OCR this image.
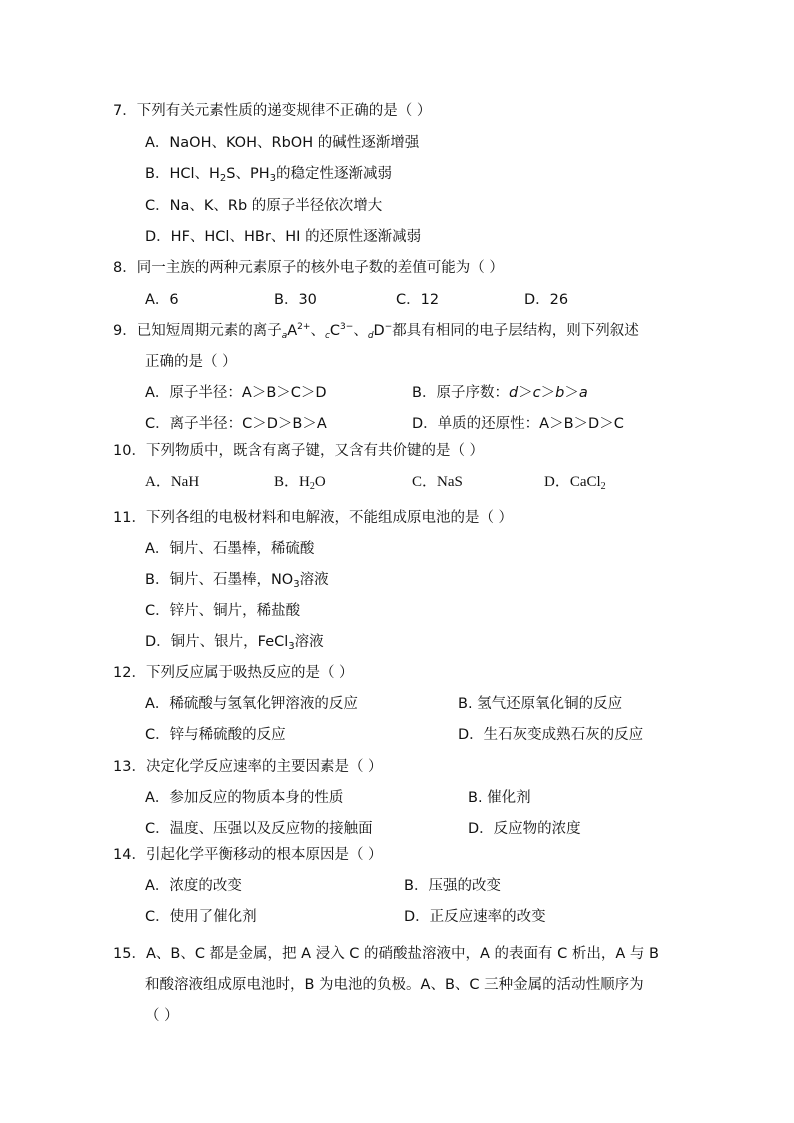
7．下列有关元素性质的递变规律不正确的是（ ）
A．NaOH、KOH、RbOH 的碱性逐渐增强
B．HCl、$H_2S$、$PH_3$的稳定性逐渐减弱
C．Na、K、Rb 的原子半径依次增大
D．HF、HCl、HBr、HI 的还原性逐渐减弱
8．同一主族的两种元素原子的核外电子数的差值可能为（ ）
A．6	B．30	C．12	D．26
9．已知短周期元素的离子$_aA^{2+}$、$_cC^{3-}$、$_d$D−都具有相同的电子层结构，则下列叙述
正确的是（ ）
A．原子半径：A＞B＞C＞D	B．原子序数：d＞c＞b＞a
C．离子半径：C＞D＞B＞A	D．单质的还原性：A＞B＞D＞C
10．下列物质中，既含有离子键，又含有共价键的是（ ）
A．NaH	B．$H_2O$	C．NaS	D．CaCl$_2$
11．下列各组的电极材料和电解液，不能组成原电池的是（ ）
A．铜片、石墨棒，稀硫酸
B．铜片、石墨棒，$NO_3$溶液
C．锌片、铜片，稀盐酸
D．铜片、银片，FeCl$_3$溶液
12．下列反应属于吸热反应的是（ ）
A．稀硫酸与氢氧化钾溶液的反应	B. 氢气还原氧化铜的反应
C．锌与稀硫酸的反应	D．生石灰变成熟石灰的反应
13．决定化学反应速率的主要因素是（ ）
A．参加反应的物质本身的性质	B. 催化剂
C．温度、压强以及反应物的接触面	D．反应物的浓度
14．引起化学平衡移动的根本原因是（ ）
A．浓度的改变	B．压强的改变
C．使用了催化剂	D．正反应速率的改变
15．A、B、C 都是金属，把 A 浸入 C 的硝酸盐溶液中，A 的表面有 C 析出，A 与 B
和酸溶液组成原电池时，B 为电池的负极。A、B、C 三种金属的活动性顺序为
（ ）
